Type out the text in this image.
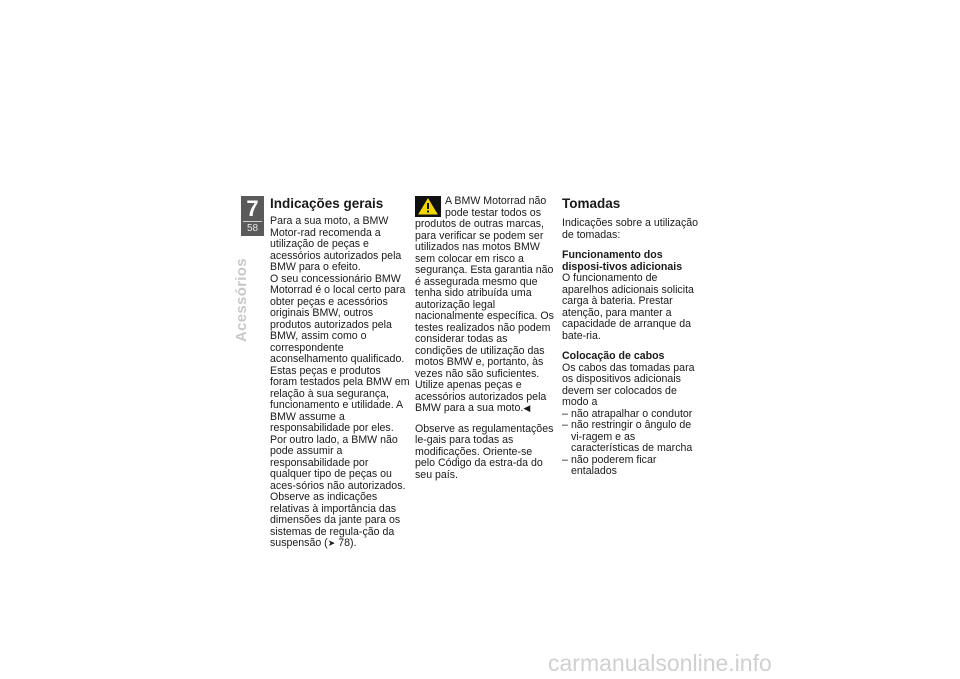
7
58
Acessórios
Indicações gerais

Para a sua moto, a BMW Motor-rad recomenda a utilização de peças e acessórios autorizados pela BMW para o efeito.

O seu concessionário BMW Motorrad é o local certo para obter peças e acessórios originais BMW, outros produtos autorizados pela BMW, assim como o correspondente aconselhamento qualificado.

Estas peças e produtos foram testados pela BMW em relação à sua segurança, funcionamento e utilidade. A BMW assume a responsabilidade por eles.

Por outro lado, a BMW não pode assumir a responsabilidade por qualquer tipo de peças ou aces-sórios não autorizados.

Observe as indicações relativas à importância das dimensões da jante para os sistemas de regula-ção da suspensão (➤ 78).

A BMW Motorrad não pode testar todos os produtos de outras marcas, para verificar se podem ser utilizados nas motos BMW sem colocar em risco a segurança. Esta garantia não é assegurada mesmo que tenha sido atribuída uma autorização legal nacionalmente específica. Os testes realizados não podem considerar todas as condições de utilização das motos BMW e, portanto, às vezes não são suficientes.

Utilize apenas peças e acessórios autorizados pela BMW para a sua moto.◀

Observe as regulamentações le-gais para todas as modificações. Oriente-se pelo Código da estra-da do seu país.

Tomadas

Indicações sobre a utilização de tomadas:

Funcionamento dos disposi-tivos adicionais

O funcionamento de aparelhos adicionais solicita carga à bateria. Prestar atenção, para manter a capacidade de arranque da bate-ria.

Colocação de cabos

Os cabos das tomadas para os dispositivos adicionais devem ser colocados de modo a

– não atrapalhar o condutor
– não restringir o ângulo de vi-ragem e as características de marcha
– não poderem ficar entalados
carmanualsonline.info
